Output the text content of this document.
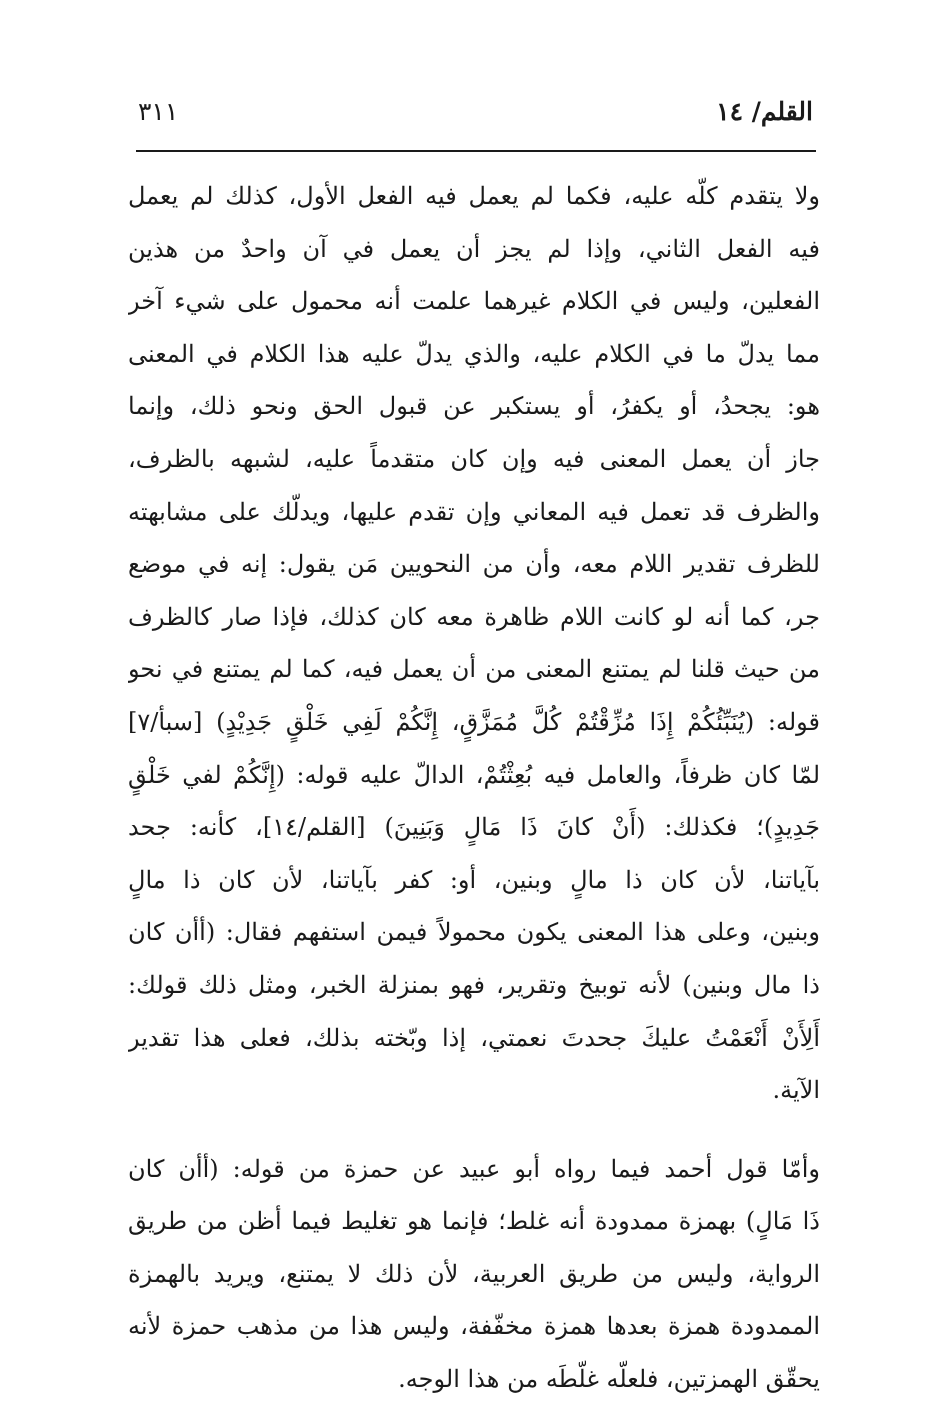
القلم/ ١٤
٣١١
ولا يتقدم كلّه عليه، فكما لم يعمل فيه الفعل الأول، كذلك لم يعمل
فيه الفعل الثاني، وإذا لم يجز أن يعمل في آن واحدٌ من هذين
الفعلين، وليس في الكلام غيرهما علمت أنه محمول على شيء آخر
مما يدلّ ما في الكلام عليه، والذي يدلّ عليه هذا الكلام في المعنى
هو: يجحدُ، أو يكفرُ، أو يستكبر عن قبول الحق ونحو ذلك، وإنما
جاز أن يعمل المعنى فيه وإن كان متقدماً عليه، لشبهه بالظرف،
والظرف قد تعمل فيه المعاني وإن تقدم عليها، ويدلّك على مشابهته
للظرف تقدير اللام معه، وأن من النحويين مَن يقول: إنه في موضع
جر، كما أنه لو كانت اللام ظاهرة معه كان كذلك، فإذا صار كالظرف
من حيث قلنا لم يمتنع المعنى من أن يعمل فيه، كما لم يمتنع في نحو
قوله: (يُنَبِّئُكُمْ إِذَا مُزِّقْتُمْ كُلَّ مُمَزَّقٍ، إِنَّكُمْ لَفِي خَلْقٍ جَدِيْدٍ) [سبأ/٧]
لمّا كان ظرفاً، والعامل فيه بُعِثْتُمْ، الدالّ عليه قوله: (إِنَّكُمْ لفي خَلْقٍ
جَدِيدٍ)؛ فكذلك: (أَنْ كانَ ذَا مَالٍ وَبَنِينَ) [القلم/١٤]، كأنه: جحد
بآياتنا، لأن كان ذا مالٍ وبنين، أو: كفر بآياتنا، لأن كان ذا مالٍ
وبنين، وعلى هذا المعنى يكون محمولاً فيمن استفهم فقال: (أأن كان
ذا مال وبنين) لأنه توبيخ وتقرير، فهو بمنزلة الخبر، ومثل ذلك قولك:
أَلِأَنْ أَنْعَمْتُ عليكَ جحدتَ نعمتي، إذا وبّخته بذلك، فعلى هذا تقدير
الآية.
وأمّا قول أحمد فيما رواه أبو عبيد عن حمزة من قوله: (أأن كان
ذَا مَالٍ) بهمزة ممدودة أنه غلط؛ فإنما هو تغليط فيما أظن من طريق
الرواية، وليس من طريق العربية، لأن ذلك لا يمتنع، ويريد بالهمزة
الممدودة همزة بعدها همزة مخفّفة، وليس هذا من مذهب حمزة لأنه
يحقّق الهمزتين، فلعلّه غلّطَه من هذا الوجه.
